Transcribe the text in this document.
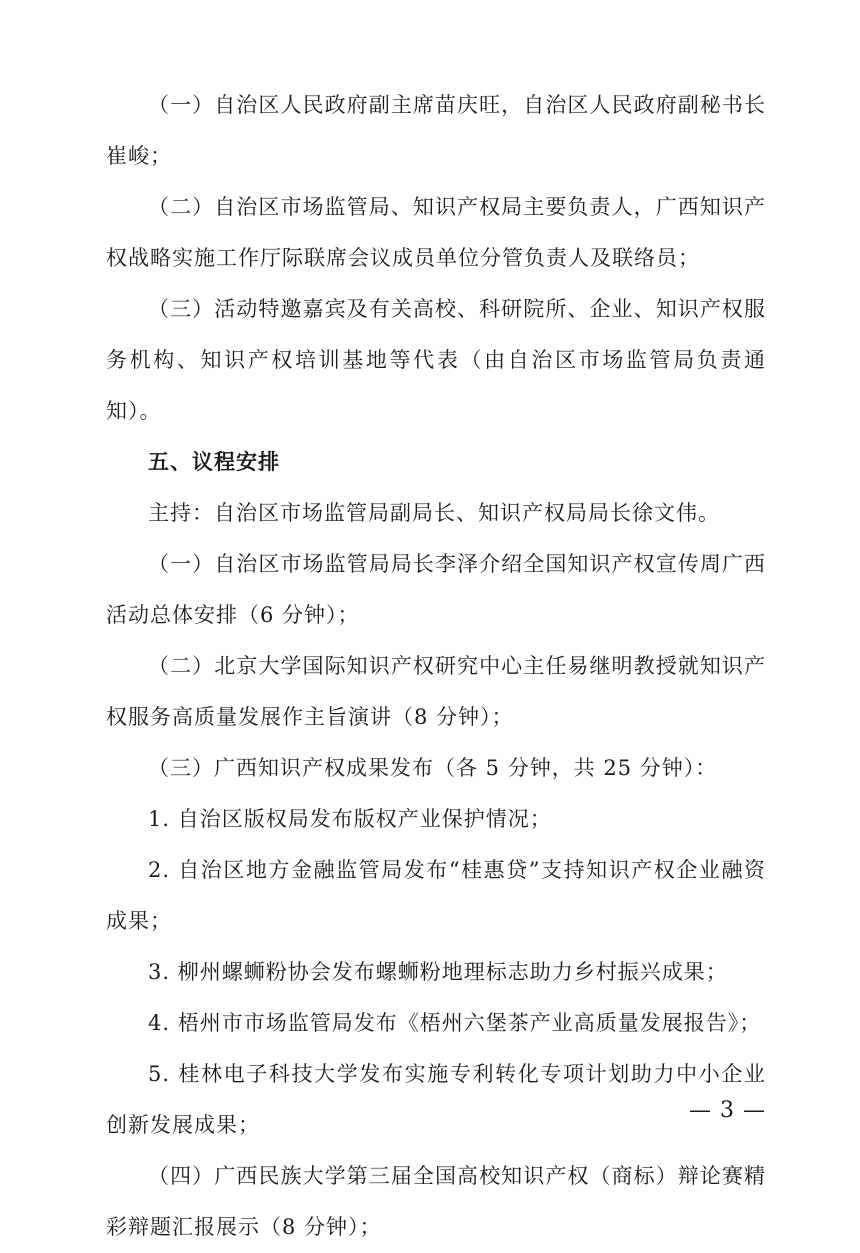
（一）自治区人民政府副主席苗庆旺，自治区人民政府副秘书长崔峻；

（二）自治区市场监管局、知识产权局主要负责人，广西知识产权战略实施工作厅际联席会议成员单位分管负责人及联络员；

（三）活动特邀嘉宾及有关高校、科研院所、企业、知识产权服务机构、知识产权培训基地等代表（由自治区市场监管局负责通知）。

五、议程安排

主持：自治区市场监管局副局长、知识产权局局长徐文伟。

（一）自治区市场监管局局长李泽介绍全国知识产权宣传周广西活动总体安排（6 分钟）；

（二）北京大学国际知识产权研究中心主任易继明教授就知识产权服务高质量发展作主旨演讲（8 分钟）；

（三）广西知识产权成果发布（各 5 分钟，共 25 分钟）：

1. 自治区版权局发布版权产业保护情况；

2. 自治区地方金融监管局发布“桂惠贷”支持知识产权企业融资成果；

3. 柳州螺蛳粉协会发布螺蛳粉地理标志助力乡村振兴成果；

4. 梧州市市场监管局发布《梧州六堡茶产业高质量发展报告》；

5. 桂林电子科技大学发布实施专利转化专项计划助力中小企业创新发展成果；

（四）广西民族大学第三届全国高校知识产权（商标）辩论赛精彩辩题汇报展示（8 分钟）；

— 3 —
